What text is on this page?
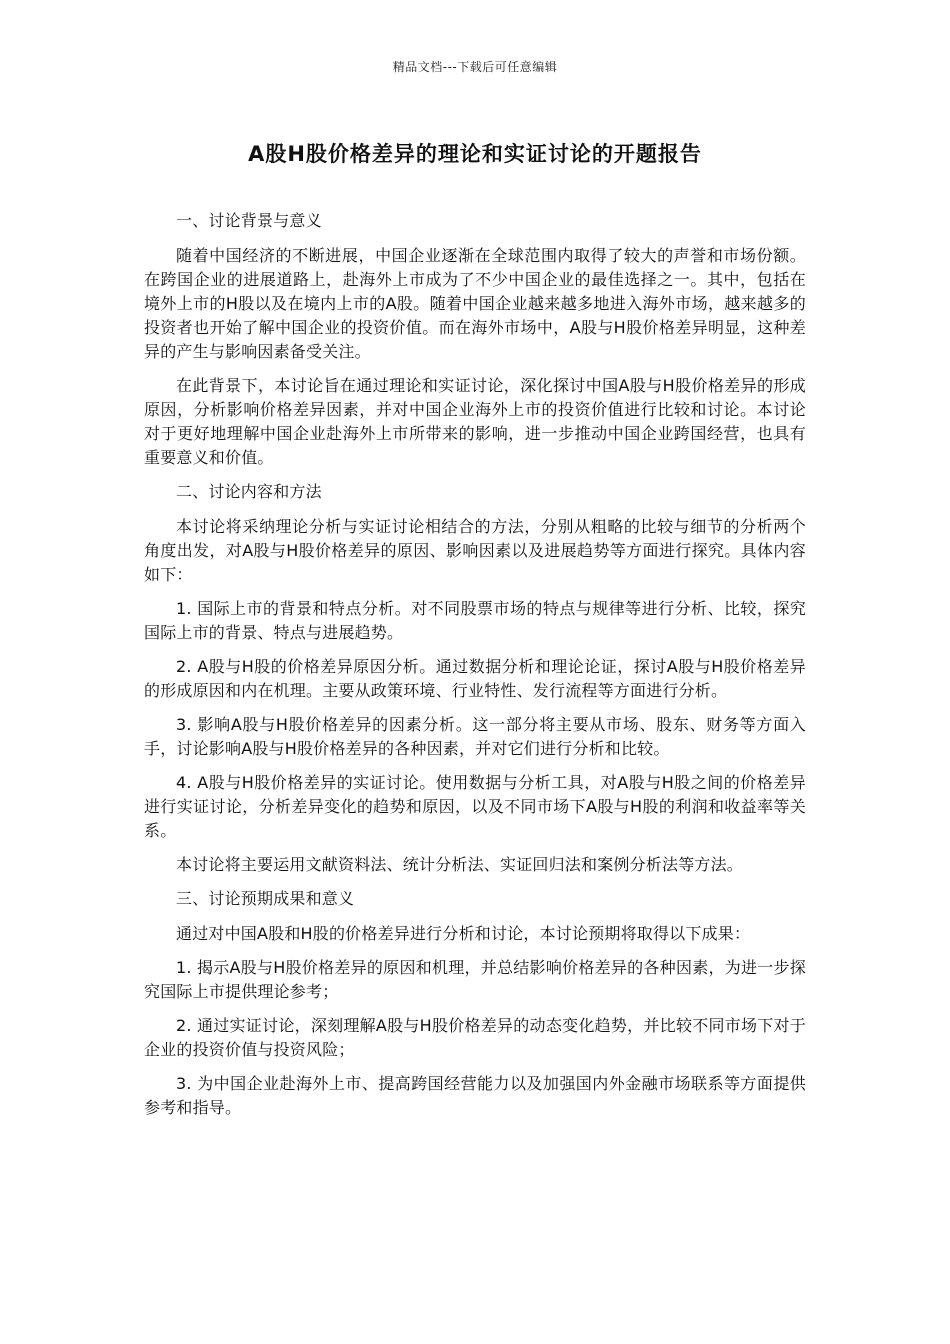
精品文档---下载后可任意编辑
A股H股价格差异的理论和实证讨论的开题报告

一、讨论背景与意义

随着中国经济的不断进展，中国企业逐渐在全球范围内取得了较大的声誉和市场份额。在跨国企业的进展道路上，赴海外上市成为了不少中国企业的最佳选择之一。其中，包括在境外上市的H股以及在境内上市的A股。随着中国企业越来越多地进入海外市场，越来越多的投资者也开始了解中国企业的投资价值。而在海外市场中，A股与H股价格差异明显，这种差异的产生与影响因素备受关注。

在此背景下，本讨论旨在通过理论和实证讨论，深化探讨中国A股与H股价格差异的形成原因，分析影响价格差异因素，并对中国企业海外上市的投资价值进行比较和讨论。本讨论对于更好地理解中国企业赴海外上市所带来的影响，进一步推动中国企业跨国经营，也具有重要意义和价值。

二、讨论内容和方法

本讨论将采纳理论分析与实证讨论相结合的方法，分别从粗略的比较与细节的分析两个角度出发，对A股与H股价格差异的原因、影响因素以及进展趋势等方面进行探究。具体内容如下：

1. 国际上市的背景和特点分析。对不同股票市场的特点与规律等进行分析、比较，探究国际上市的背景、特点与进展趋势。

2. A股与H股的价格差异原因分析。通过数据分析和理论论证，探讨A股与H股价格差异的形成原因和内在机理。主要从政策环境、行业特性、发行流程等方面进行分析。

3. 影响A股与H股价格差异的因素分析。这一部分将主要从市场、股东、财务等方面入手，讨论影响A股与H股价格差异的各种因素，并对它们进行分析和比较。

4. A股与H股价格差异的实证讨论。使用数据与分析工具，对A股与H股之间的价格差异进行实证讨论，分析差异变化的趋势和原因，以及不同市场下A股与H股的利润和收益率等关系。

本讨论将主要运用文献资料法、统计分析法、实证回归法和案例分析法等方法。

三、讨论预期成果和意义

通过对中国A股和H股的价格差异进行分析和讨论，本讨论预期将取得以下成果：

1. 揭示A股与H股价格差异的原因和机理，并总结影响价格差异的各种因素，为进一步探究国际上市提供理论参考；

2. 通过实证讨论，深刻理解A股与H股价格差异的动态变化趋势，并比较不同市场下对于企业的投资价值与投资风险；

3. 为中国企业赴海外上市、提高跨国经营能力以及加强国内外金融市场联系等方面提供参考和指导。
